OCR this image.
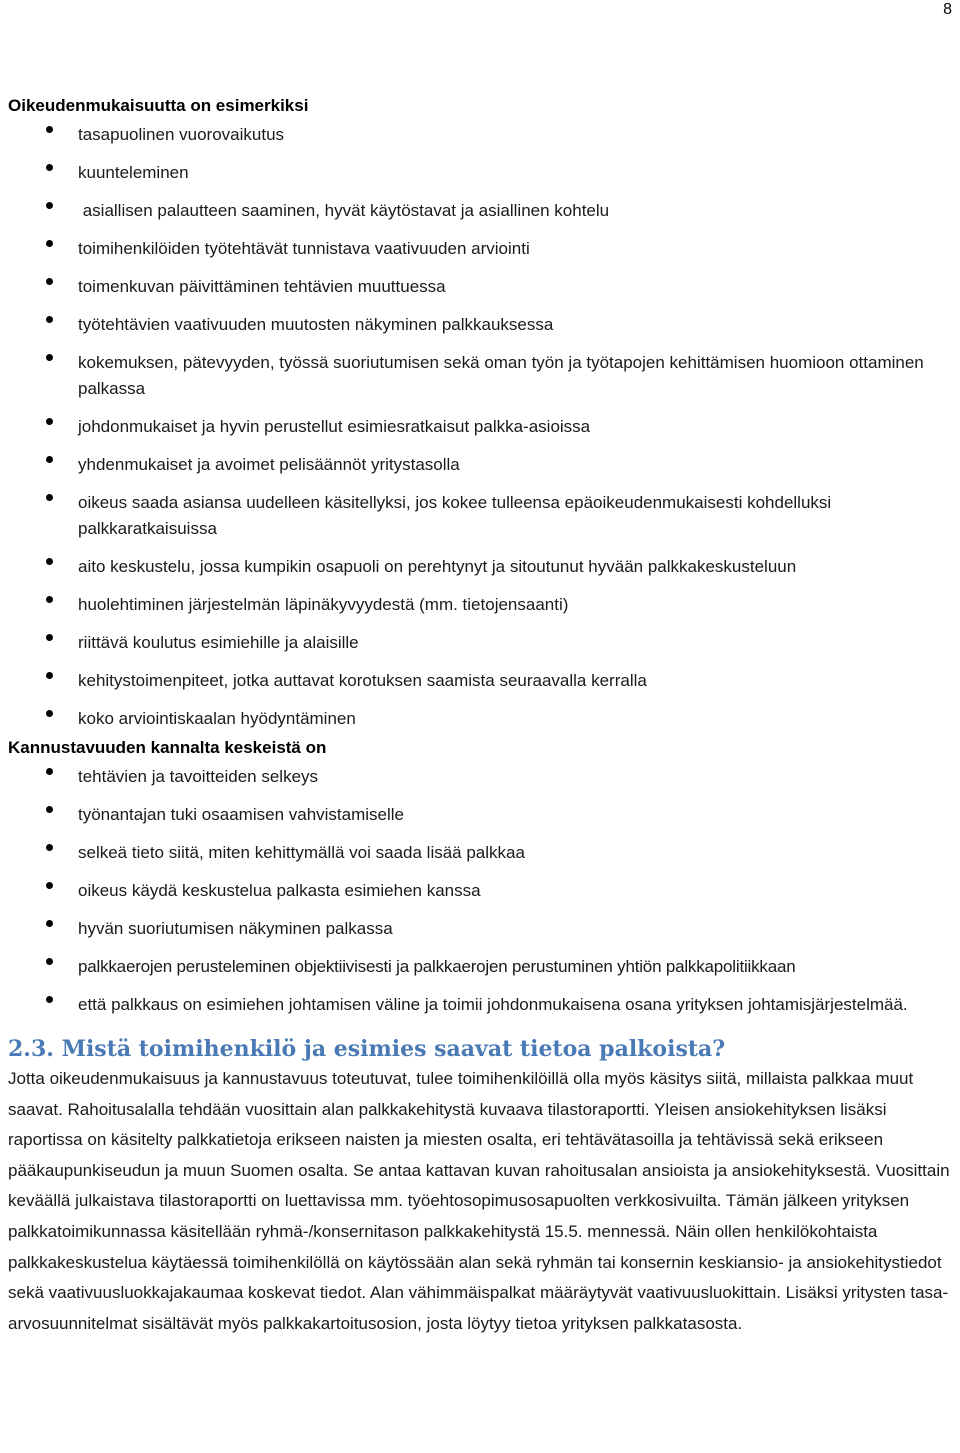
8
Oikeudenmukaisuutta on esimerkiksi
tasapuolinen vuorovaikutus
kuunteleminen
asiallisen palautteen saaminen, hyvät käytöstavat ja asiallinen kohtelu
toimihenkilöiden työtehtävät tunnistava vaativuuden arviointi
toimenkuvan päivittäminen tehtävien muuttuessa
työtehtävien vaativuuden muutosten näkyminen palkkauksessa
kokemuksen, pätevyyden, työssä suoriutumisen sekä oman työn ja työtapojen kehittämisen huomioon ottaminen palkassa
johdonmukaiset ja hyvin perustellut esimiesratkaisut palkka-asioissa
yhdenmukaiset ja avoimet pelisäännöt yritystasolla
oikeus saada asiansa uudelleen käsitellyksi, jos kokee tulleensa epäoikeudenmukaisesti kohdelluksi palkkaratkaisuissa
aito keskustelu, jossa kumpikin osapuoli on perehtynyt ja sitoutunut hyvään palkkakeskusteluun
huolehtiminen järjestelmän läpinäkyvyydestä (mm. tietojensaanti)
riittävä koulutus esimiehille ja alaisille
kehitystoimenpiteet, jotka auttavat korotuksen saamista seuraavalla kerralla
koko arviointiskaalan hyödyntäminen
Kannustavuuden kannalta keskeistä on
tehtävien ja tavoitteiden selkeys
työnantajan tuki osaamisen vahvistamiselle
selkeä tieto siitä, miten kehittymällä voi saada lisää palkkaa
oikeus käydä keskustelua palkasta esimiehen kanssa
hyvän suoriutumisen näkyminen palkassa
palkkaerojen perusteleminen objektiivisesti ja palkkaerojen perustuminen yhtiön palkkapolitiikkaan
että palkkaus on esimiehen johtamisen väline ja toimii johdonmukaisena osana yrityksen johtamisjärjestelmää.
2.3. Mistä toimihenkilö ja esimies saavat tietoa palkoista?

Jotta oikeudenmukaisuus ja kannustavuus toteutuvat, tulee toimihenkilöillä olla myös käsitys siitä, millaista palkkaa muut saavat. Rahoitusalalla tehdään vuosittain alan palkkakehitystä kuvaava tilastoraportti. Yleisen ansiokehityksen lisäksi raportissa on käsitelty palkkatietoja erikseen naisten ja miesten osalta, eri tehtävätasoilla ja tehtävissä sekä erikseen pääkaupunkiseudun ja muun Suomen osalta. Se antaa kattavan kuvan rahoitusalan ansioista ja ansiokehityksestä. Vuosittain keväällä julkaistava tilastoraportti on luettavissa mm. työehtosopimusosapuolten verkkosivuilta. Tämän jälkeen yrityksen palkkatoimikunnassa käsitellään ryhmä-/konsernitason palkkakehitystä 15.5. mennessä. Näin ollen henkilökohtaista palkkakeskustelua käytäessä toimihenkilöllä on käytössään alan sekä ryhmän tai konsernin keskiansio- ja ansiokehitystiedot sekä vaativuusluokkajakaumaa koskevat tiedot. Alan vähimmäispalkat määräytyvät vaativuusluokittain. Lisäksi yritysten tasa-arvosuunnitelmat sisältävät myös palkkakartoitusosion, josta löytyy tietoa yrityksen palkkatasosta.
